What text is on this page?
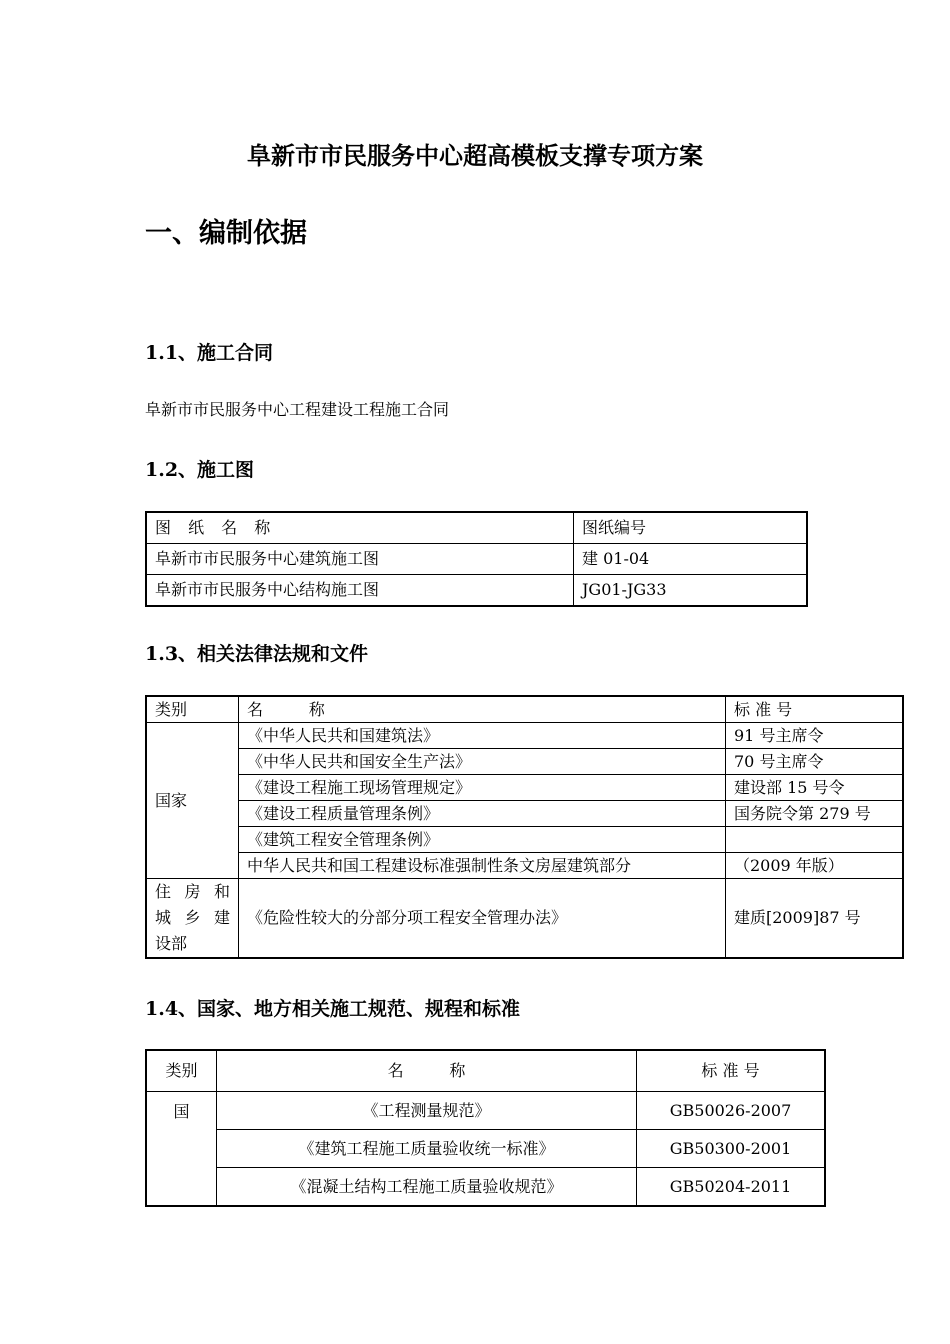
阜新市市民服务中心超高模板支撑专项方案
一、编制依据
1.1、施工合同
阜新市市民服务中心工程建设工程施工合同
1.2、施工图
图 纸 名 称	图纸编号
阜新市市民服务中心建筑施工图	建 01-04
阜新市市民服务中心结构施工图	JG01-JG33
1.3、相关法律法规和文件
类别	名         称	标 准 号
国家	《中华人民共和国建筑法》	91 号主席令
	《中华人民共和国安全生产法》	70 号主席令
	《建设工程施工现场管理规定》	建设部 15 号令
	《建设工程质量管理条例》	国务院令第 279 号
	《建筑工程安全管理条例》	
	中华人民共和国工程建设标准强制性条文房屋建筑部分	（2009 年版）

住房和
城乡建
设部	《危险性较大的分部分项工程安全管理办法》	建质[2009]87 号
1.4、国家、地方相关施工规范、规程和标准
类别	名         称	标 准 号
国	《工程测量规范》	GB50026-2007
	《建筑工程施工质量验收统一标准》	GB50300-2001
	《混凝土结构工程施工质量验收规范》	GB50204-2011
